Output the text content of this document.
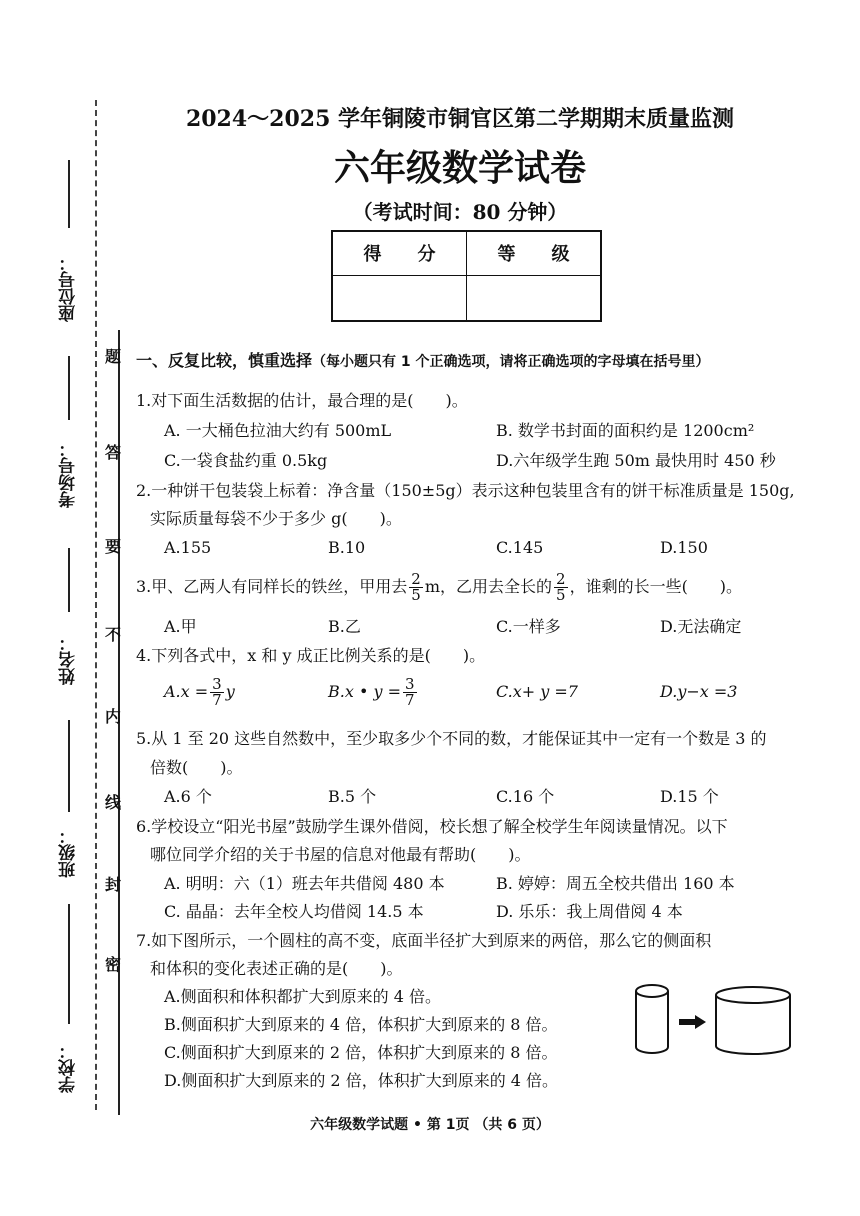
座位号：
考场号：
姓名：
班级：
学校：
题
答
要
不
内
线
封
密
2024～2025 学年铜陵市铜官区第二学期期末质量监测
六年级数学试卷
（考试时间：80 分钟）
得　　分	等　　级

一、反复比较，慎重选择（每小题只有 1 个正确选项，请将正确选项的字母填在括号里）
1.对下面生活数据的估计，最合理的是(　　)。
A. 一大桶色拉油大约有 500mL	B. 数学书封面的面积约是 1200cm²
C.一袋食盐约重 0.5kg	D.六年级学生跑 50m 最快用时 450 秒
2.一种饼干包装袋上标着：净含量（150±5g）表示这种包装里含有的饼干标准质量是 150g,
实际质量每袋不少于多少 g(　　)。
A.155	B.10	C.145	D.150
3.甲、乙两人有同样长的铁丝，甲用去 $\frac{2}{5}$ m，乙用去全长的 $\frac{2}{5}$ ，谁剩的长一些(　　)。
A.甲	B.乙	C.一样多	D.无法确定
4.下列各式中，x 和 y 成正比例关系的是(　　)。
$A.x = \frac{3}{7}$ y	B.x • $y = \frac{3}{7}$	C.x+ y =7	D.y−x =3
5.从 1 至 20 这些自然数中，至少取多少个不同的数，才能保证其中一定有一个数是 3 的
倍数(　　)。
A.6 个	B.5 个	C.16 个	D.15 个
6.学校设立“阳光书屋”鼓励学生课外借阅，校长想了解全校学生年阅读量情况。以下
哪位同学介绍的关于书屋的信息对他最有帮助(　　)。
A. 明明：六（1）班去年共借阅 480 本	B. 婷婷：周五全校共借出 160 本
C. 晶晶：去年全校人均借阅 14.5 本	D. 乐乐：我上周借阅 4 本
7.如下图所示，一个圆柱的高不变，底面半径扩大到原来的两倍，那么它的侧面积
和体积的变化表述正确的是(　　)。
A.侧面积和体积都扩大到原来的 4 倍。
B.侧面积扩大到原来的 4 倍，体积扩大到原来的 8 倍。
C.侧面积扩大到原来的 2 倍，体积扩大到原来的 8 倍。
D.侧面积扩大到原来的 2 倍，体积扩大到原来的 4 倍。
六年级数学试题 • 第 1页 （共 6 页）
